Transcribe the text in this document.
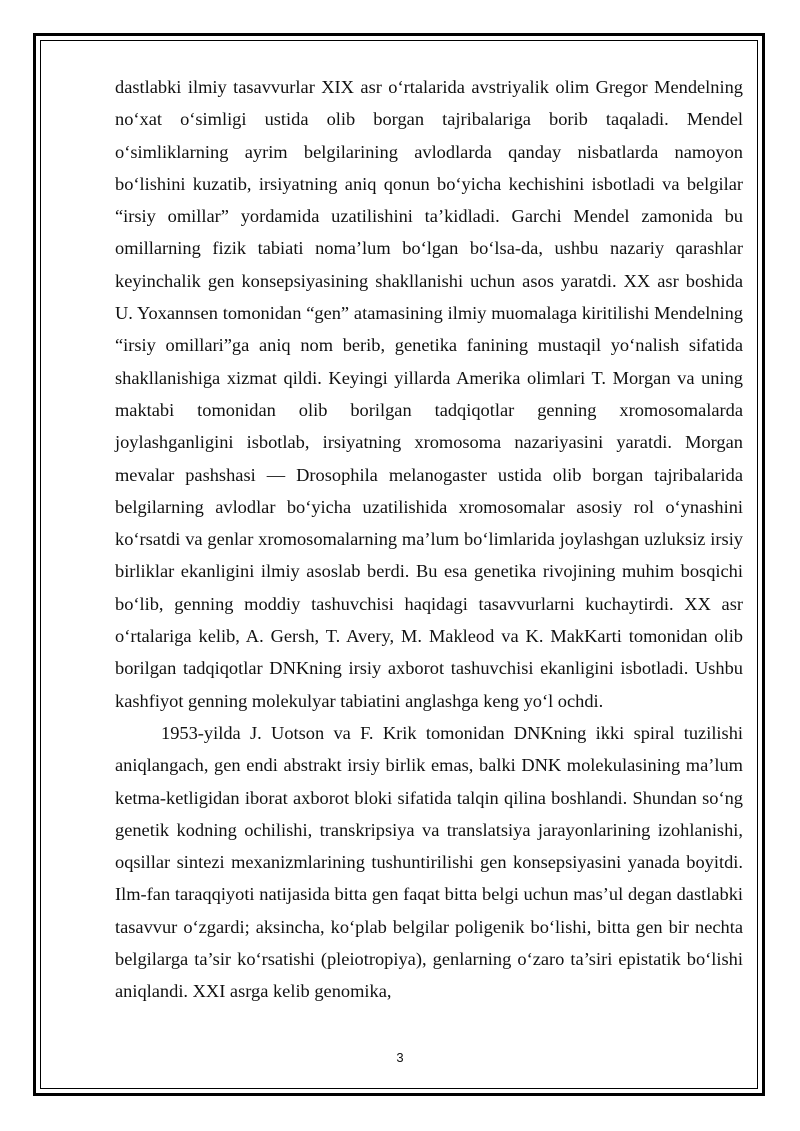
dastlabki ilmiy tasavvurlar XIX asr o‘rtalarida avstriyalik olim Gregor Mendelning no‘xat o‘simligi ustida olib borgan tajribalariga borib taqaladi. Mendel o‘simliklarning ayrim belgilarining avlodlarda qanday nisbatlarda namoyon bo‘lishini kuzatib, irsiyatning aniq qonun bo‘yicha kechishini isbotladi va belgilar “irsiy omillar” yordamida uzatilishini ta’kidladi. Garchi Mendel zamonida bu omillarning fizik tabiati noma’lum bo‘lgan bo‘lsa-da, ushbu nazariy qarashlar keyinchalik gen konsepsiyasining shakllanishi uchun asos yaratdi. XX asr boshida U. Yoxannsen tomonidan “gen” atamasining ilmiy muomalaga kiritilishi Mendelning “irsiy omillari”ga aniq nom berib, genetika fanining mustaqil yo‘nalish sifatida shakllanishiga xizmat qildi. Keyingi yillarda Amerika olimlari T. Morgan va uning maktabi tomonidan olib borilgan tadqiqotlar genning xromosomalarda joylashganligini isbotlab, irsiyatning xromosoma nazariyasini yaratdi. Morgan mevalar pashshasi — Drosophila melanogaster ustida olib borgan tajribalarida belgilarning avlodlar bo‘yicha uzatilishida xromosomalar asosiy rol o‘ynashini ko‘rsatdi va genlar xromosomalarning ma’lum bo‘limlarida joylashgan uzluksiz irsiy birliklar ekanligini ilmiy asoslab berdi. Bu esa genetika rivojining muhim bosqichi bo‘lib, genning moddiy tashuvchisi haqidagi tasavvurlarni kuchaytirdi. XX asr o‘rtalariga kelib, A. Gersh, T. Avery, M. Makleod va K. MakKarti tomonidan olib borilgan tadqiqotlar DNKning irsiy axborot tashuvchisi ekanligini isbotladi. Ushbu kashfiyot genning molekulyar tabiatini anglashga keng yo‘l ochdi.

1953-yilda J. Uotson va F. Krik tomonidan DNKning ikki spiral tuzilishi aniqlangach, gen endi abstrakt irsiy birlik emas, balki DNK molekulasining ma’lum ketma-ketligidan iborat axborot bloki sifatida talqin qilina boshlandi. Shundan so‘ng genetik kodning ochilishi, transkripsiya va translatsiya jarayonlarining izohlanishi, oqsillar sintezi mexanizmlarining tushuntirilishi gen konsepsiyasini yanada boyitdi. Ilm-fan taraqqiyoti natijasida bitta gen faqat bitta belgi uchun mas’ul degan dastlabki tasavvur o‘zgardi; aksincha, ko‘plab belgilar poligenik bo‘lishi, bitta gen bir nechta belgilarga ta’sir ko‘rsatishi (pleiotropiya), genlarning o‘zaro ta’siri epistatik bo‘lishi aniqlandi. XXI asrga kelib genomika,

3
